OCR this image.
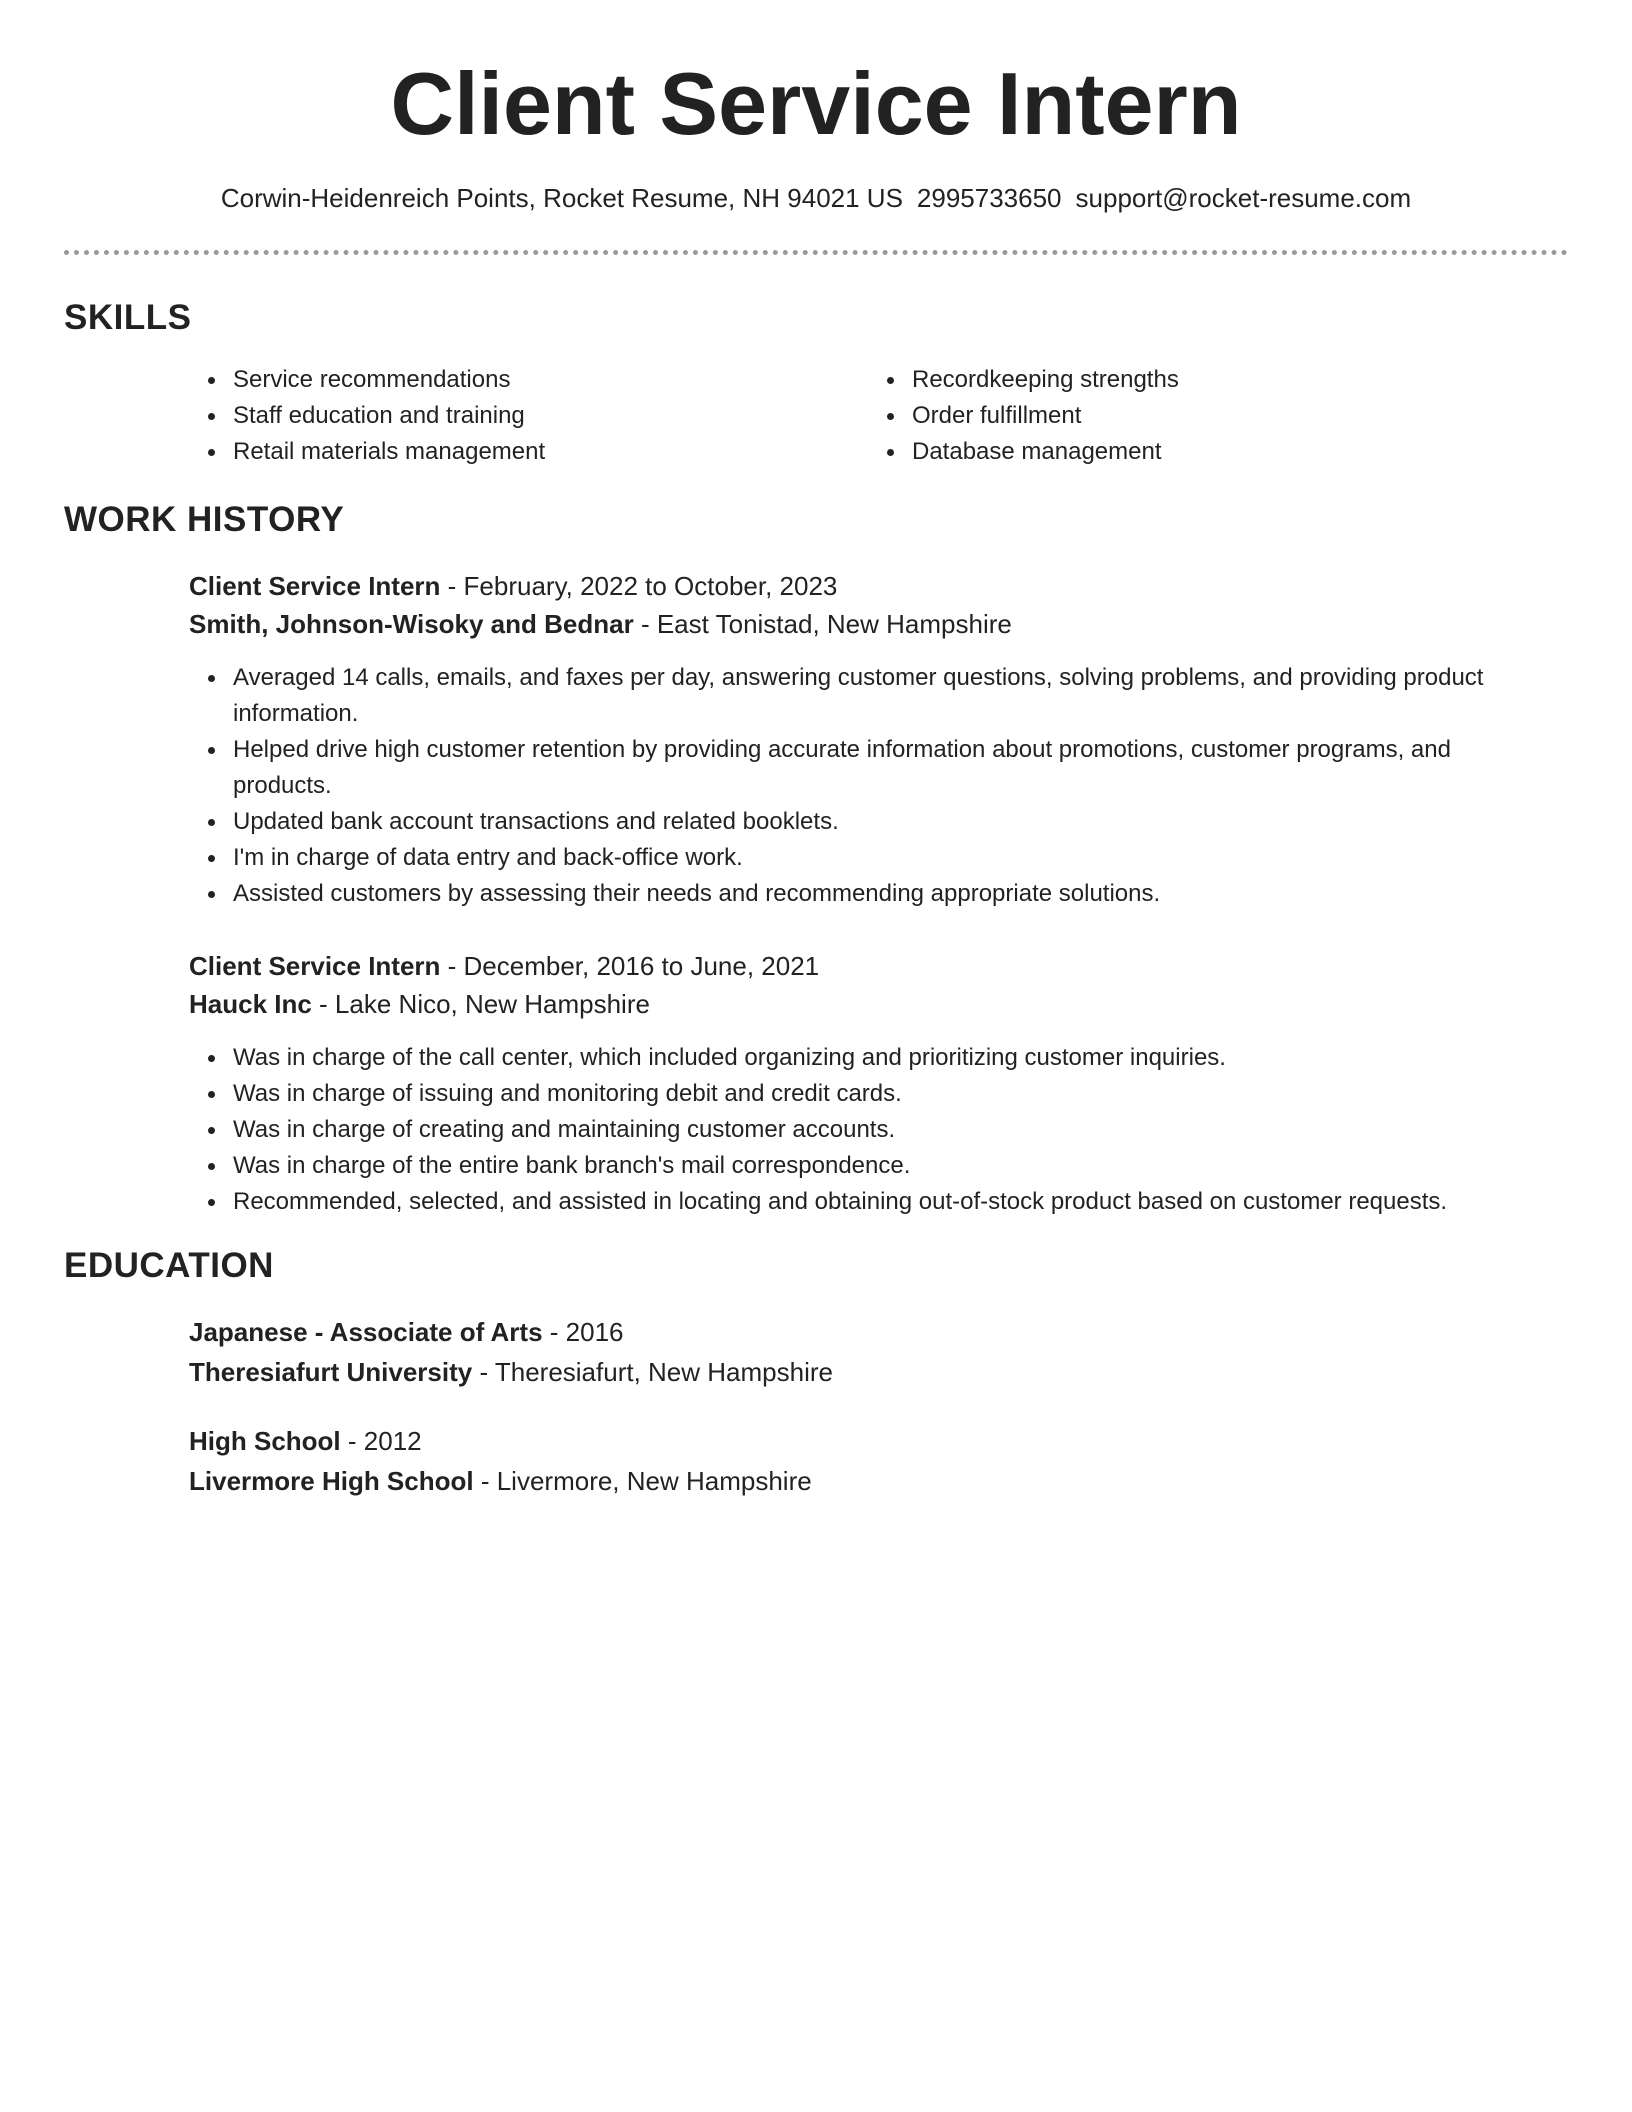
Client Service Intern
Corwin-Heidenreich Points, Rocket Resume, NH 94021 US 2995733650 support@rocket-resume.com
SKILLS
Service recommendations
Staff education and training
Retail materials management
Recordkeeping strengths
Order fulfillment
Database management
WORK HISTORY
Client Service Intern - February, 2022 to October, 2023
Smith, Johnson-Wisoky and Bednar - East Tonistad, New Hampshire
Averaged 14 calls, emails, and faxes per day, answering customer questions, solving problems, and providing product information.
Helped drive high customer retention by providing accurate information about promotions, customer programs, and products.
Updated bank account transactions and related booklets.
I'm in charge of data entry and back-office work.
Assisted customers by assessing their needs and recommending appropriate solutions.
Client Service Intern - December, 2016 to June, 2021
Hauck Inc - Lake Nico, New Hampshire
Was in charge of the call center, which included organizing and prioritizing customer inquiries.
Was in charge of issuing and monitoring debit and credit cards.
Was in charge of creating and maintaining customer accounts.
Was in charge of the entire bank branch's mail correspondence.
Recommended, selected, and assisted in locating and obtaining out-of-stock product based on customer requests.
EDUCATION
Japanese - Associate of Arts - 2016
Theresiafurt University - Theresiafurt, New Hampshire
High School - 2012
Livermore High School - Livermore, New Hampshire
